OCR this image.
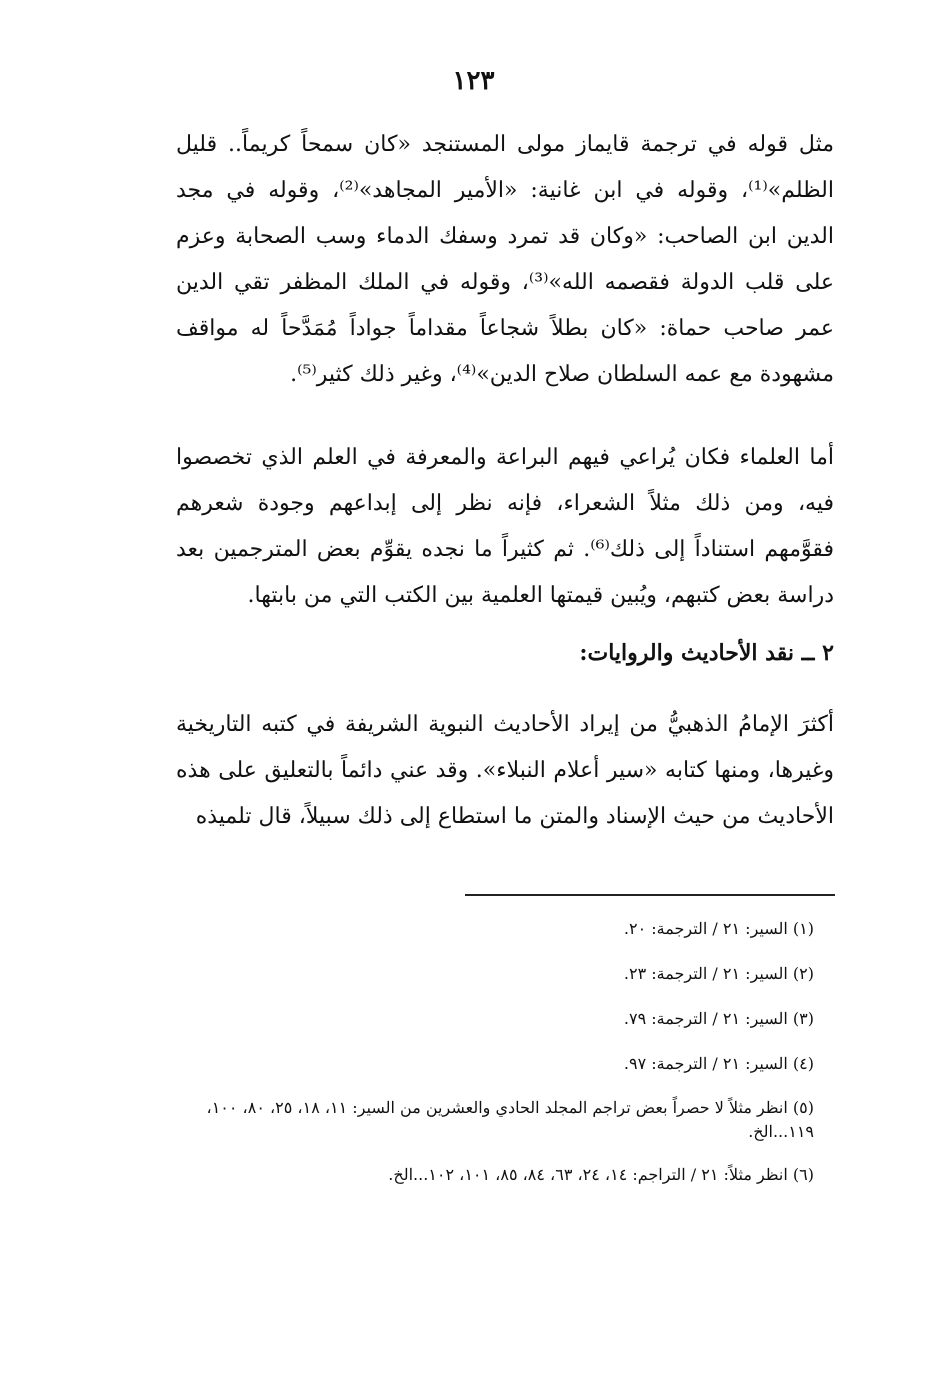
١٢٣

مثل قوله في ترجمة قايماز مولى المستنجد «كان سمحاً كريماً.. قليل الظلم»⁽¹⁾، وقوله في ابن غانية: «الأمير المجاهد»⁽²⁾، وقوله في مجد الدين ابن الصاحب: «وكان قد تمرد وسفك الدماء وسب الصحابة وعزم على قلب الدولة فقصمه الله»⁽³⁾، وقوله في الملك المظفر تقي الدين عمر صاحب حماة: «كان بطلاً شجاعاً مقداماً جواداً مُمَدَّحاً له مواقف مشهودة مع عمه السلطان صلاح الدين»⁽⁴⁾، وغير ذلك كثير⁽⁵⁾.

أما العلماء فكان يُراعي فيهم البراعة والمعرفة في العلم الذي تخصصوا فيه، ومن ذلك مثلاً الشعراء، فإنه نظر إلى إبداعهم وجودة شعرهم فقوَّمهم استناداً إلى ذلك⁽⁶⁾. ثم كثيراً ما نجده يقوِّم بعض المترجمين بعد دراسة بعض كتبهم، ويُبين قيمتها العلمية بين الكتب التي من بابتها.

٢ ــ نقد الأحاديث والروايات:

أكثرَ الإمامُ الذهبيُّ من إيراد الأحاديث النبوية الشريفة في كتبه التاريخية وغيرها، ومنها كتابه «سير أعلام النبلاء». وقد عني دائماً بالتعليق على هذه الأحاديث من حيث الإسناد والمتن ما استطاع إلى ذلك سبيلاً، قال تلميذه

(١) السير: ٢١ / الترجمة: ٢٠.

(٢) السير: ٢١ / الترجمة: ٢٣.

(٣) السير: ٢١ / الترجمة: ٧٩.

(٤) السير: ٢١ / الترجمة: ٩٧.

(٥) انظر مثلاً لا حصراً بعض تراجم المجلد الحادي والعشرين من السير: ١١، ١٨، ٢٥، ٨٠، ١٠٠، ١١٩...الخ.

(٦) انظر مثلاً: ٢١ / التراجم: ١٤، ٢٤، ٦٣، ٨٤، ٨٥، ١٠١، ١٠٢...الخ.
